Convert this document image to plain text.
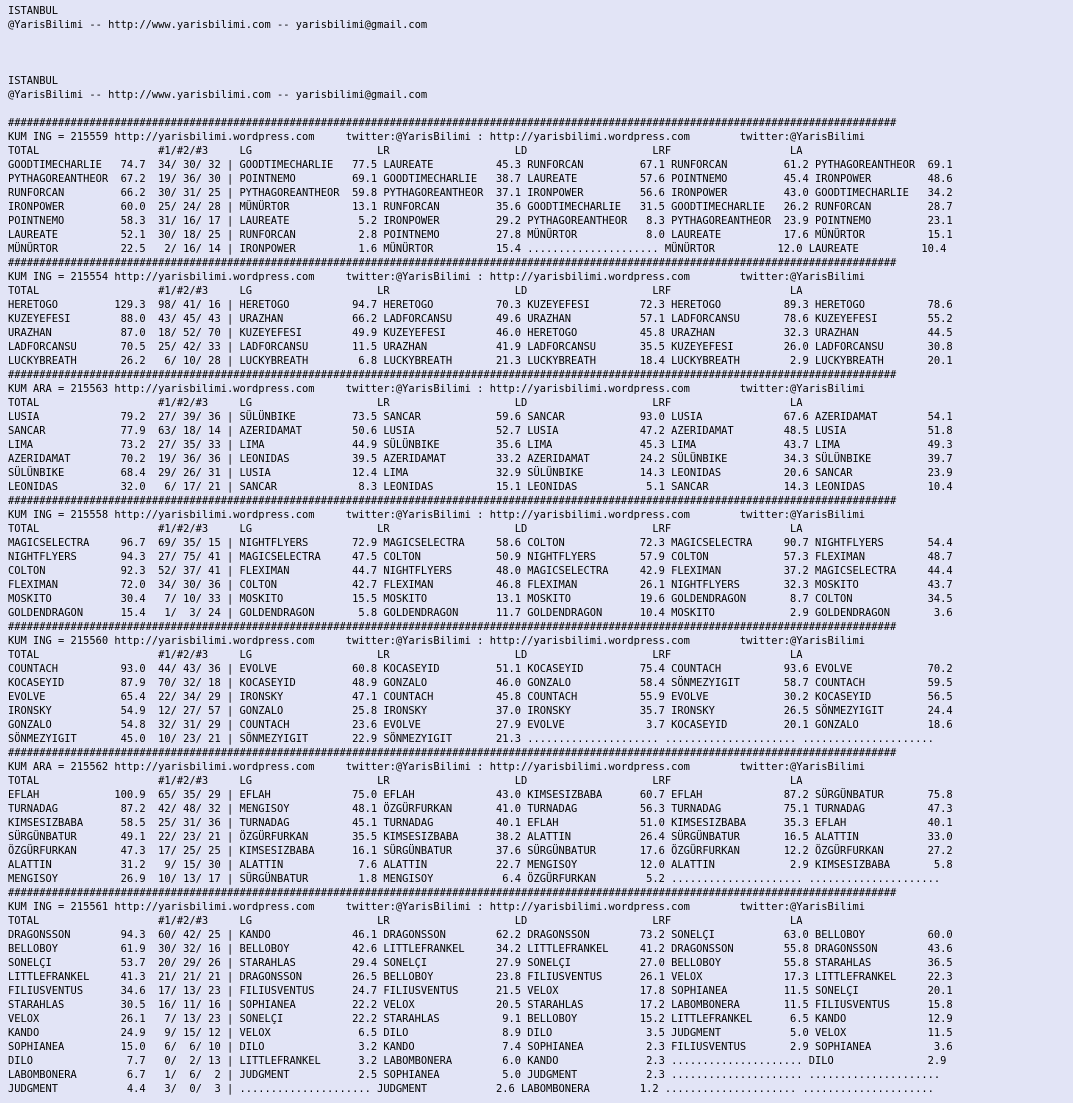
ISTANBUL
@YarisBilimi -- http://www.yarisbilimi.com -- yarisbilimi@gmail.com
ISTANBUL
@YarisBilimi -- http://www.yarisbilimi.com -- yarisbilimi@gmail.com
##############################################################################################################################################
KUM ING = 215559 http://yarisbilimi.wordpress.com     twitter:@YarisBilimi : http://yarisbilimi.wordpress.com        twitter:@YarisBilimi
TOTAL                   #1/#2/#3     LG                    LR                    LD                    LRF                   LA
GOODTIMECHARLIE   74.7  34/ 30/ 32 | GOODTIMECHARLIE   77.5 LAUREATE          45.3 RUNFORCAN         67.1 RUNFORCAN         61.2 PYTHAGOREANTHEOR  69.1
PYTHAGOREANTHEOR  67.2  19/ 36/ 30 | POINTNEMO         69.1 GOODTIMECHARLIE   38.7 LAUREATE          57.6 POINTNEMO         45.4 IRONPOWER         48.6
RUNFORCAN         66.2  30/ 31/ 25 | PYTHAGOREANTHEOR  59.8 PYTHAGOREANTHEOR  37.1 IRONPOWER         56.6 IRONPOWER         43.0 GOODTIMECHARLIE   34.2
IRONPOWER         60.0  25/ 24/ 28 | MÜNÜRTOR          13.1 RUNFORCAN         35.6 GOODTIMECHARLIE   31.5 GOODTIMECHARLIE   26.2 RUNFORCAN         28.7
POINTNEMO         58.3  31/ 16/ 17 | LAUREATE           5.2 IRONPOWER         29.2 PYTHAGOREANTHEOR   8.3 PYTHAGOREANTHEOR  23.9 POINTNEMO         23.1
LAUREATE          52.1  30/ 18/ 25 | RUNFORCAN          2.8 POINTNEMO         27.8 MÜNÜRTOR           8.0 LAUREATE          17.6 MÜNÜRTOR          15.1
MÜNÜRTOR          22.5   2/ 16/ 14 | IRONPOWER          1.6 MÜNÜRTOR          15.4 ..................... MÜNÜRTOR          12.0 LAUREATE          10.4
##############################################################################################################################################
KUM ING = 215554 http://yarisbilimi.wordpress.com     twitter:@YarisBilimi : http://yarisbilimi.wordpress.com        twitter:@YarisBilimi
TOTAL                   #1/#2/#3     LG                    LR                    LD                    LRF                   LA
HERETOGO         129.3  98/ 41/ 16 | HERETOGO          94.7 HERETOGO          70.3 KUZEYEFESI        72.3 HERETOGO          89.3 HERETOGO          78.6
KUZEYEFESI        88.0  43/ 45/ 43 | URAZHAN           66.2 LADFORCANSU       49.6 URAZHAN           57.1 LADFORCANSU       78.6 KUZEYEFESI        55.2
URAZHAN           87.0  18/ 52/ 70 | KUZEYEFESI        49.9 KUZEYEFESI        46.0 HERETOGO          45.8 URAZHAN           32.3 URAZHAN           44.5
LADFORCANSU       70.5  25/ 42/ 33 | LADFORCANSU       11.5 URAZHAN           41.9 LADFORCANSU       35.5 KUZEYEFESI        26.0 LADFORCANSU       30.8
LUCKYBREATH       26.2   6/ 10/ 28 | LUCKYBREATH        6.8 LUCKYBREATH       21.3 LUCKYBREATH       18.4 LUCKYBREATH        2.9 LUCKYBREATH       20.1
##############################################################################################################################################
KUM ARA = 215563 http://yarisbilimi.wordpress.com     twitter:@YarisBilimi : http://yarisbilimi.wordpress.com        twitter:@YarisBilimi
TOTAL                   #1/#2/#3     LG                    LR                    LD                    LRF                   LA
LUSIA             79.2  27/ 39/ 36 | SÜLÜNBIKE         73.5 SANCAR            59.6 SANCAR            93.0 LUSIA             67.6 AZERIDAMAT        54.1
SANCAR            77.9  63/ 18/ 14 | AZERIDAMAT        50.6 LUSIA             52.7 LUSIA             47.2 AZERIDAMAT        48.5 LUSIA             51.8
LIMA              73.2  27/ 35/ 33 | LIMA              44.9 SÜLÜNBIKE         35.6 LIMA              45.3 LIMA              43.7 LIMA              49.3
AZERIDAMAT        70.2  19/ 36/ 36 | LEONIDAS          39.5 AZERIDAMAT        33.2 AZERIDAMAT        24.2 SÜLÜNBIKE         34.3 SÜLÜNBIKE         39.7
SÜLÜNBIKE         68.4  29/ 26/ 31 | LUSIA             12.4 LIMA              32.9 SÜLÜNBIKE         14.3 LEONIDAS          20.6 SANCAR            23.9
LEONIDAS          32.0   6/ 17/ 21 | SANCAR             8.3 LEONIDAS          15.1 LEONIDAS           5.1 SANCAR            14.3 LEONIDAS          10.4
##############################################################################################################################################
KUM ING = 215558 http://yarisbilimi.wordpress.com     twitter:@YarisBilimi : http://yarisbilimi.wordpress.com        twitter:@YarisBilimi
TOTAL                   #1/#2/#3     LG                    LR                    LD                    LRF                   LA
MAGICSELECTRA     96.7  69/ 35/ 15 | NIGHTFLYERS       72.9 MAGICSELECTRA     58.6 COLTON            72.3 MAGICSELECTRA     90.7 NIGHTFLYERS       54.4
NIGHTFLYERS       94.3  27/ 75/ 41 | MAGICSELECTRA     47.5 COLTON            50.9 NIGHTFLYERS       57.9 COLTON            57.3 FLEXIMAN          48.7
COLTON            92.3  52/ 37/ 41 | FLEXIMAN          44.7 NIGHTFLYERS       48.0 MAGICSELECTRA     42.9 FLEXIMAN          37.2 MAGICSELECTRA     44.4
FLEXIMAN          72.0  34/ 30/ 36 | COLTON            42.7 FLEXIMAN          46.8 FLEXIMAN          26.1 NIGHTFLYERS       32.3 MOSKITO           43.7
MOSKITO           30.4   7/ 10/ 33 | MOSKITO           15.5 MOSKITO           13.1 MOSKITO           19.6 GOLDENDRAGON       8.7 COLTON            34.5
GOLDENDRAGON      15.4   1/  3/ 24 | GOLDENDRAGON       5.8 GOLDENDRAGON      11.7 GOLDENDRAGON      10.4 MOSKITO            2.9 GOLDENDRAGON       3.6
##############################################################################################################################################
KUM ING = 215560 http://yarisbilimi.wordpress.com     twitter:@YarisBilimi : http://yarisbilimi.wordpress.com        twitter:@YarisBilimi
TOTAL                   #1/#2/#3     LG                    LR                    LD                    LRF                   LA
COUNTACH          93.0  44/ 43/ 36 | EVOLVE            60.8 KOCASEYID         51.1 KOCASEYID         75.4 COUNTACH          93.6 EVOLVE            70.2
KOCASEYID         87.9  70/ 32/ 18 | KOCASEYID         48.9 GONZALO           46.0 GONZALO           58.4 SÖNMEZYIGIT       58.7 COUNTACH          59.5
EVOLVE            65.4  22/ 34/ 29 | IRONSKY           47.1 COUNTACH          45.8 COUNTACH          55.9 EVOLVE            30.2 KOCASEYID         56.5
IRONSKY           54.9  12/ 27/ 57 | GONZALO           25.8 IRONSKY           37.0 IRONSKY           35.7 IRONSKY           26.5 SÖNMEZYIGIT       24.4
GONZALO           54.8  32/ 31/ 29 | COUNTACH          23.6 EVOLVE            27.9 EVOLVE             3.7 KOCASEYID         20.1 GONZALO           18.6
SÖNMEZYIGIT       45.0  10/ 23/ 21 | SÖNMEZYIGIT       22.9 SÖNMEZYIGIT       21.3 ..................... ..................... .....................
##############################################################################################################################################
KUM ARA = 215562 http://yarisbilimi.wordpress.com     twitter:@YarisBilimi : http://yarisbilimi.wordpress.com        twitter:@YarisBilimi
TOTAL                   #1/#2/#3     LG                    LR                    LD                    LRF                   LA
EFLAH            100.9  65/ 35/ 29 | EFLAH             75.0 EFLAH             43.0 KIMSESIZBABA      60.7 EFLAH             87.2 SÜRGÜNBATUR       75.8
TURNADAG          87.2  42/ 48/ 32 | MENGISOY          48.1 ÖZGÜRFURKAN       41.0 TURNADAG          56.3 TURNADAG          75.1 TURNADAG          47.3
KIMSESIZBABA      58.5  25/ 31/ 36 | TURNADAG          45.1 TURNADAG          40.1 EFLAH             51.0 KIMSESIZBABA      35.3 EFLAH             40.1
SÜRGÜNBATUR       49.1  22/ 23/ 21 | ÖZGÜRFURKAN       35.5 KIMSESIZBABA      38.2 ALATTIN           26.4 SÜRGÜNBATUR       16.5 ALATTIN           33.0
ÖZGÜRFURKAN       47.3  17/ 25/ 25 | KIMSESIZBABA      16.1 SÜRGÜNBATUR       37.6 SÜRGÜNBATUR       17.6 ÖZGÜRFURKAN       12.2 ÖZGÜRFURKAN       27.2
ALATTIN           31.2   9/ 15/ 30 | ALATTIN            7.6 ALATTIN           22.7 MENGISOY          12.0 ALATTIN            2.9 KIMSESIZBABA       5.8
MENGISOY          26.9  10/ 13/ 17 | SÜRGÜNBATUR        1.8 MENGISOY           6.4 ÖZGÜRFURKAN        5.2 ..................... .....................
##############################################################################################################################################
KUM ING = 215561 http://yarisbilimi.wordpress.com     twitter:@YarisBilimi : http://yarisbilimi.wordpress.com        twitter:@YarisBilimi
TOTAL                   #1/#2/#3     LG                    LR                    LD                    LRF                   LA
DRAGONSSON        94.3  60/ 42/ 25 | KANDO             46.1 DRAGONSSON        62.2 DRAGONSSON        73.2 SONELÇI           63.0 BELLOBOY          60.0
BELLOBOY          61.9  30/ 32/ 16 | BELLOBOY          42.6 LITTLEFRANKEL     34.2 LITTLEFRANKEL     41.2 DRAGONSSON        55.8 DRAGONSSON        43.6
SONELÇI           53.7  20/ 29/ 26 | STARAHLAS         29.4 SONELÇI           27.9 SONELÇI           27.0 BELLOBOY          55.8 STARAHLAS         36.5
LITTLEFRANKEL     41.3  21/ 21/ 21 | DRAGONSSON        26.5 BELLOBOY          23.8 FILIUSVENTUS      26.1 VELOX             17.3 LITTLEFRANKEL     22.3
FILIUSVENTUS      34.6  17/ 13/ 23 | FILIUSVENTUS      24.7 FILIUSVENTUS      21.5 VELOX             17.8 SOPHIANEA         11.5 SONELÇI           20.1
STARAHLAS         30.5  16/ 11/ 16 | SOPHIANEA         22.2 VELOX             20.5 STARAHLAS         17.2 LABOMBONERA       11.5 FILIUSVENTUS      15.8
VELOX             26.1   7/ 13/ 23 | SONELÇI           22.2 STARAHLAS          9.1 BELLOBOY          15.2 LITTLEFRANKEL      6.5 KANDO             12.9
KANDO             24.9   9/ 15/ 12 | VELOX              6.5 DILO               8.9 DILO               3.5 JUDGMENT           5.0 VELOX             11.5
SOPHIANEA         15.0   6/  6/ 10 | DILO               3.2 KANDO              7.4 SOPHIANEA          2.3 FILIUSVENTUS       2.9 SOPHIANEA          3.6
DILO               7.7   0/  2/ 13 | LITTLEFRANKEL      3.2 LABOMBONERA        6.0 KANDO              2.3 ..................... DILO               2.9
LABOMBONERA        6.7   1/  6/  2 | JUDGMENT           2.5 SOPHIANEA          5.0 JUDGMENT           2.3 ..................... .....................
JUDGMENT           4.4   3/  0/  3 | ..................... JUDGMENT           2.6 LABOMBONERA        1.2 ..................... .....................
